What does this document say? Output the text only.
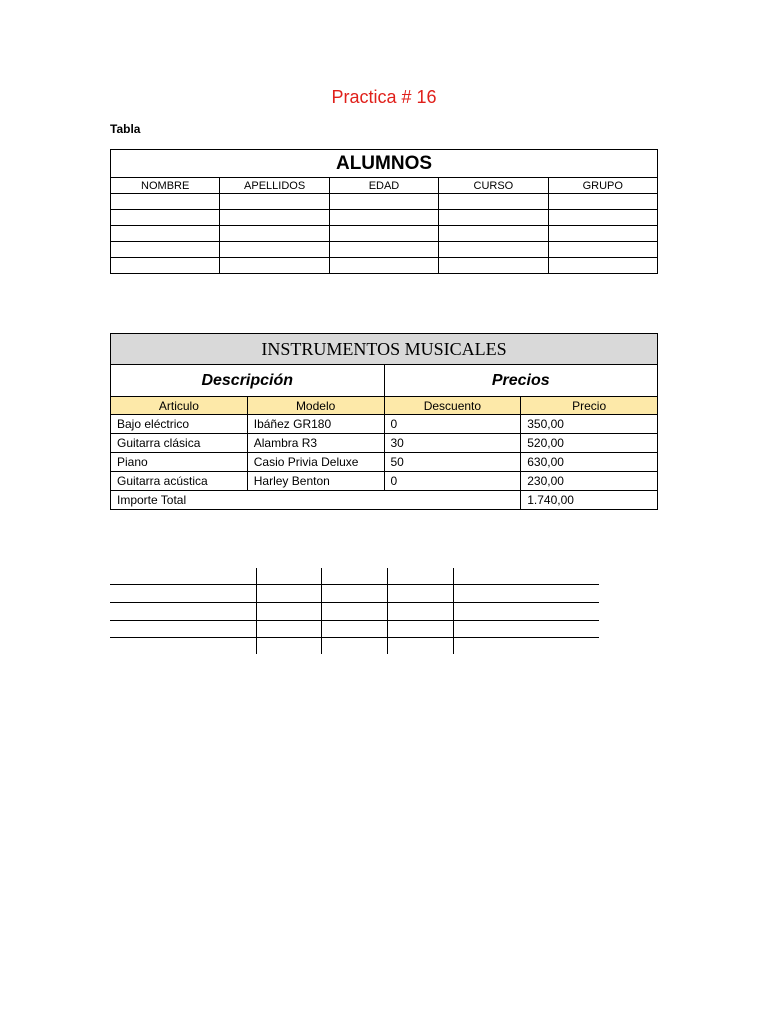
Practica # 16
Tabla
ALUMNOS				
NOMBRE	APELLIDOS	EDAD	CURSO	GRUPO

INSTRUMENTOS MUSICALES			
Descripción		Precios	
Articulo	Modelo	Descuento	Precio
Bajo eléctrico	Ibáñez GR180	0	350,00
Guitarra clásica	Alambra R3	30	520,00
Piano	Casio Privia Deluxe	50	630,00
Guitarra acústica	Harley Benton	0	230,00
Importe Total			1.740,00
